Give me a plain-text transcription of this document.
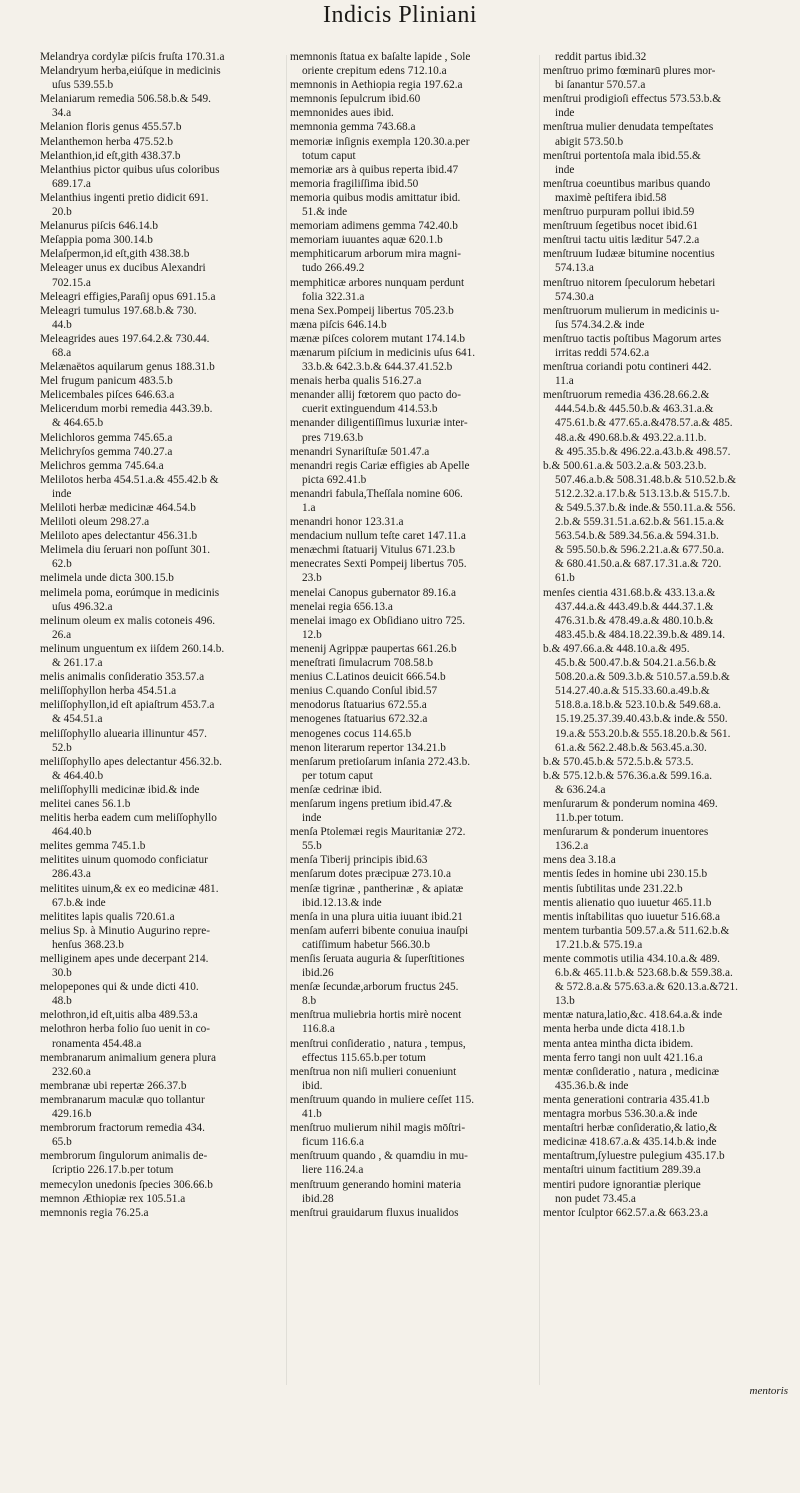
Indicis Pliniani
Melandrya cordylæ piſcis fruſta 170.31.a
Melandryum herba,eiúſque in medicinis
uſus 539.55.b
Melaniarum remedia 506.58.b.& 549.
34.a
Melanion floris genus 455.57.b
Melanthemon herba 475.52.b
Melanthion,id eſt,gith 438.37.b
Melanthius pictor quibus uſus coloribus
689.17.a
Melanthius ingenti pretio didicit 691.
20.b
Melanurus piſcis 646.14.b
Meſappia poma 300.14.b
Melaſpermon,id eſt,gith 438.38.b
Meleager unus ex ducibus Alexandri
702.15.a
Meleagri effigies,Paraſij opus 691.15.a
Meleagri tumulus 197.68.b.& 730.
44.b
Meleagrides aues 197.64.2.& 730.44.
68.a
Melænaëtos aquilarum genus 188.31.b
Mel frugum panicum 483.5.b
Melicembales piſces 646.63.a
Melicerιdum morbi remedia 443.39.b.
& 464.65.b
Melichloros gemma 745.65.a
Melichryſos gemma 740.27.a
Melichros gemma 745.64.a
Melilotos herba 454.51.a.& 455.42.b &
inde
Meliloti herbæ medicinæ 464.54.b
Meliloti oleum 298.27.a
Meliloto apes delectantur 456.31.b
Melimela diu ſeruari non poſſunt 301.
62.b
melimela unde dicta 300.15.b
melimela poma, eorúmque in medicinis
uſus 496.32.a
melinum oleum ex malis cotoneis 496.
26.a
melinum unguentum ex iiſdem 260.14.b.
& 261.17.a
melis animalis conſideratio 353.57.a
meliſſophyllon herba 454.51.a
meliſſophyllon,id eſt apiaſtrum 453.7.a
& 454.51.a
meliſſophyllo aluearia illinuntur 457.
52.b
meliſſophyllo apes delectantur 456.32.b.
& 464.40.b
meliſſophylli medicinæ ibid.& inde
melitei canes 56.1.b
melitis herba eadem cum meliſſophyllo
464.40.b
melites gemma 745.1.b
melitites uinum quomodo conficiatur
286.43.a
melitites uinum,& ex eo medicinæ 481.
67.b.& inde
melitites lapis qualis 720.61.a
melius Sp. à Minutio Augurino repre-
henſus 368.23.b
melliginem apes unde decerpant 214.
30.b
melopepones qui & unde dicti 410.
48.b
melothron,id eſt,uitis alba 489.53.a
melothron herba folio ſuo uenit in co-
ronamenta 454.48.a
membranarum animalium genera plura
232.60.a
membranæ ubi repertæ 266.37.b
membranarum maculæ quo tollantur
429.16.b
membrorum fractorum remedia 434.
65.b
membrorum ſingulorum animalis de-
ſcriptio 226.17.b.per totum
memecylon unedonis ſpecies 306.66.b
memnon Æthiopiæ rex 105.51.a
memnonis regia 76.25.a
memnonis ſtatua ex baſalte lapide , Sole
oriente crepitum edens 712.10.a
memnonis in Aethiopia regia 197.62.a
memnonis ſepulcrum ibid.60
memnonides aues ibid.
memnonia gemma 743.68.a
memoriæ inſignis exempla 120.30.a.per
totum caput
memoriæ ars à quibus reperta ibid.47
memoria fragiliſſima ibid.50
memoria quibus modis amittatur ibid.
51.& inde
memoriam adimens gemma 742.40.b
memoriam iuuantes aquæ 620.1.b
memphiticarum arborum mira magni-
tudo 266.49.2
memphiticæ arbores nunquam perdunt
folia 322.31.a
mena Sex.Pompeij libertus 705.23.b
mæna piſcis 646.14.b
mænæ piſces colorem mutant 174.14.b
mænarum piſcium in medicinis uſus 641.
33.b.& 642.3.b.& 644.37.41.52.b
menais herba qualis 516.27.a
menander allij fœtorem quo pacto do-
cuerit extinguendum 414.53.b
menander diligentiſſimus luxuriæ inter-
pres 719.63.b
menandri Synariſtuſæ 501.47.a
menandri regis Cariæ effigies ab Apelle
picta 692.41.b
menandri fabula,Theſſala nomine 606.
1.a
menandri honor 123.31.a
mendacium nullum teſte caret 147.11.a
menæchmi ſtatuarij Vitulus 671.23.b
menecrates Sexti Pompeij libertus 705.
23.b
menelai Canopus gubernator 89.16.a
menelai regia 656.13.a
menelai imago ex Obſidiano uitro 725.
12.b
menenij Agrippæ paupertas 661.26.b
meneſtrati ſimulacrum 708.58.b
menius C.Latinos deuicit 666.54.b
menius C.quando Conſul ibid.57
menodorus ſtatuarius 672.55.a
menogenes ſtatuarius 672.32.a
menogenes cocus 114.65.b
menon literarum repertor 134.21.b
menſarum pretioſarum inſania 272.43.b.
per totum caput
menſæ cedrinæ ibid.
menſarum ingens pretium ibid.47.&
inde
menſa Ptolemæi regis Mauritaniæ 272.
55.b
menſa Tiberij principis ibid.63
menſarum dotes præcipuæ 273.10.a
menſæ tigrinæ , pantherinæ , & apiatæ
ibid.12.13.& inde
menſa in una plura uitia iuuant ibid.21
menſam auferri bibente conuiua inauſpi
catiſſimum habetur 566.30.b
menſis ſeruata auguria & ſuperſtitiones
ibid.26
menſæ ſecundæ,arborum fructus 245.
8.b
menſtrua muliebria hortis mirè nocent
116.8.a
menſtrui conſideratio , natura , tempus,
effectus 115.65.b.per totum
menſtrua non niſi mulieri conueniunt
ibid.
menſtruum quando in muliere ceſſet 115.
41.b
menſtruo mulierum nihil magis mōſtri-
ficum 116.6.a
menſtruum quando , & quamdiu in mu-
liere 116.24.a
menſtruum generando homini materia
ibid.28
menſtrui grauidarum fluxus inualidos
reddit partus ibid.32
menſtruo primo fœminarū plures mor-
bi ſanantur 570.57.a
menſtrui prodigioſi effectus 573.53.b.&
inde
menſtrua mulier denudata tempeſtates
abigit 573.50.b
menſtrui portentoſa mala ibid.55.&
inde
menſtrua coeuntibus maribus quando
maximè peſtifera ibid.58
menſtruo purpuram pollui ibid.59
menſtruum ſegetibus nocet ibid.61
menſtrui tactu uitis læditur 547.2.a
menſtruum Iudææ bitumine nocentius
574.13.a
menſtruo nitorem ſpeculorum hebetari
574.30.a
menſtruorum mulierum in medicinis u-
ſus 574.34.2.& inde
menſtruo tactis poſtibus Magorum artes
irritas reddi 574.62.a
menſtrua coriandi potu contineri 442.
11.a
menſtruorum remedia 436.28.66.2.&
444.54.b.& 445.50.b.& 463.31.a.&
475.61.b.& 477.65.a.&478.57.a.& 485.
48.a.& 490.68.b.& 493.22.a.11.b.
& 495.35.b.& 496.22.a.43.b.& 498.57.
b.& 500.61.a.& 503.2.a.& 503.23.b.
507.46.a.b.& 508.31.48.b.& 510.52.b.&
512.2.32.a.17.b.& 513.13.b.& 515.7.b.
& 549.5.37.b.& inde.& 550.11.a.& 556.
2.b.& 559.31.51.a.62.b.& 561.15.a.&
563.54.b.& 589.34.56.a.& 594.31.b.
& 595.50.b.& 596.2.21.a.& 677.50.a.
& 680.41.50.a.& 687.17.31.a.& 720.
61.b
menſes cientia 431.68.b.& 433.13.a.&
437.44.a.& 443.49.b.& 444.37.1.&
476.31.b.& 478.49.a.& 480.10.b.&
483.45.b.& 484.18.22.39.b.& 489.14.
b.& 497.66.a.& 448.10.a.& 495.
45.b.& 500.47.b.& 504.21.a.56.b.&
508.20.a.& 509.3.b.& 510.57.a.59.b.&
514.27.40.a.& 515.33.60.a.49.b.&
518.8.a.18.b.& 523.10.b.& 549.68.a.
15.19.25.37.39.40.43.b.& inde.& 550.
19.a.& 553.20.b.& 555.18.20.b.& 561.
61.a.& 562.2.48.b.& 563.45.a.30.
b.& 570.45.b.& 572.5.b.& 573.5.
b.& 575.12.b.& 576.36.a.& 599.16.a.
& 636.24.a
menſurarum & ponderum nomina 469.
11.b.per totum.
menſurarum & ponderum inuentores
136.2.a
mens dea 3.18.a
mentis ſedes in homine ubi 230.15.b
mentis ſubtilitas unde 231.22.b
mentis alienatio quo iuuetur 465.11.b
mentis inſtabilitas quo iuuetur 516.68.a
mentem turbantia 509.57.a.& 511.62.b.&
17.21.b.& 575.19.a
mente commotis utilia 434.10.a.& 489.
6.b.& 465.11.b.& 523.68.b.& 559.38.a.
& 572.8.a.& 575.63.a.& 620.13.a.&721.
13.b
mentæ natura,latio,&c. 418.64.a.& inde
menta herba unde dicta 418.1.b
menta antea mintha dicta ibidem.
menta ferro tangi non uult 421.16.a
mentæ conſideratio , natura , medicinæ
435.36.b.& inde
menta generationi contraria 435.41.b
mentagra morbus 536.30.a.& inde
mentaſtri herbæ conſideratio,& latio,&
medicinæ 418.67.a.& 435.14.b.& inde
mentaſtrum,ſyluestre pulegium 435.17.b
mentaſtri uinum factitium 289.39.a
mentiri pudore ignorantiæ plerique
non pudet 73.45.a
mentor ſculptor 662.57.a.& 663.23.a
mentoris
